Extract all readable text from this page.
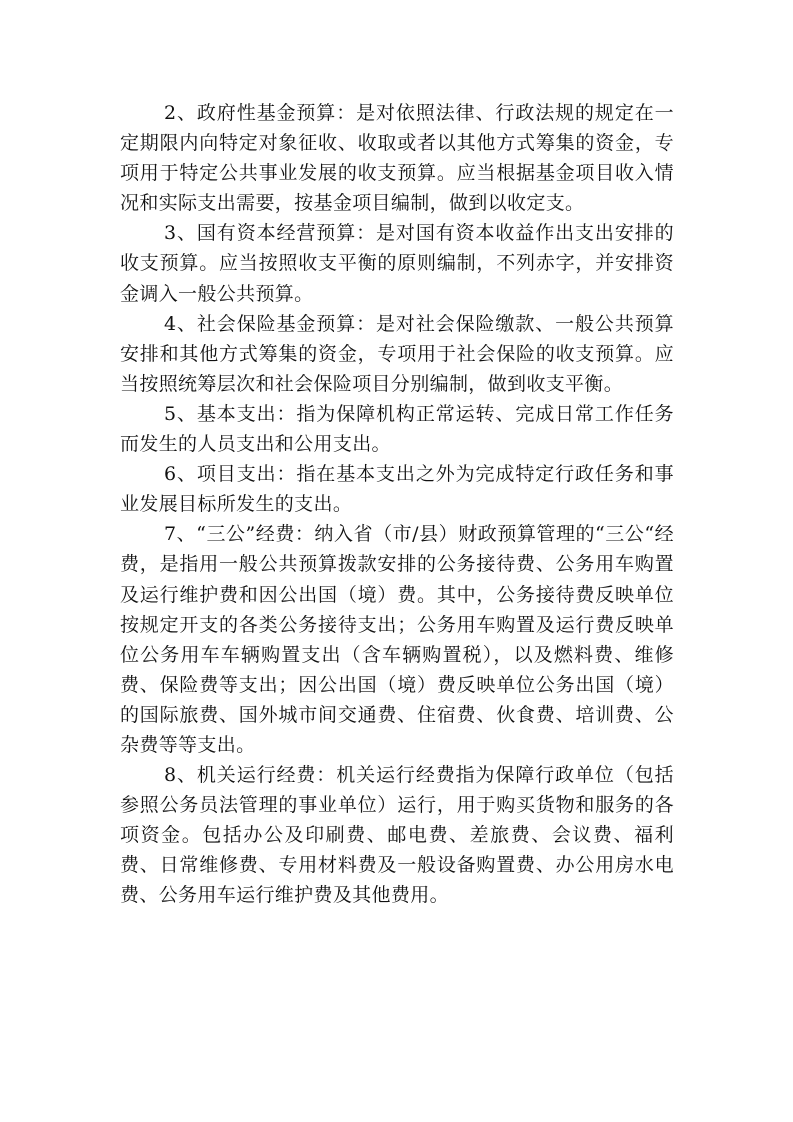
2、政府性基金预算：是对依照法律、行政法规的规定在一定期限内向特定对象征收、收取或者以其他方式筹集的资金，专项用于特定公共事业发展的收支预算。应当根据基金项目收入情况和实际支出需要，按基金项目编制，做到以收定支。

3、国有资本经营预算：是对国有资本收益作出支出安排的收支预算。应当按照收支平衡的原则编制，不列赤字，并安排资金调入一般公共预算。

4、社会保险基金预算：是对社会保险缴款、一般公共预算安排和其他方式筹集的资金，专项用于社会保险的收支预算。应当按照统筹层次和社会保险项目分别编制，做到收支平衡。

5、基本支出：指为保障机构正常运转、完成日常工作任务而发生的人员支出和公用支出。

6、项目支出：指在基本支出之外为完成特定行政任务和事业发展目标所发生的支出。

7、“三公”经费：纳入省（市/县）财政预算管理的“三公“经费，是指用一般公共预算拨款安排的公务接待费、公务用车购置及运行维护费和因公出国（境）费。其中，公务接待费反映单位按规定开支的各类公务接待支出；公务用车购置及运行费反映单位公务用车车辆购置支出（含车辆购置税），以及燃料费、维修费、保险费等支出；因公出国（境）费反映单位公务出国（境）的国际旅费、国外城市间交通费、住宿费、伙食费、培训费、公杂费等等支出。

8、机关运行经费：机关运行经费指为保障行政单位（包括参照公务员法管理的事业单位）运行，用于购买货物和服务的各项资金。包括办公及印刷费、邮电费、差旅费、会议费、福利费、日常维修费、专用材料费及一般设备购置费、办公用房水电费、公务用车运行维护费及其他费用。
